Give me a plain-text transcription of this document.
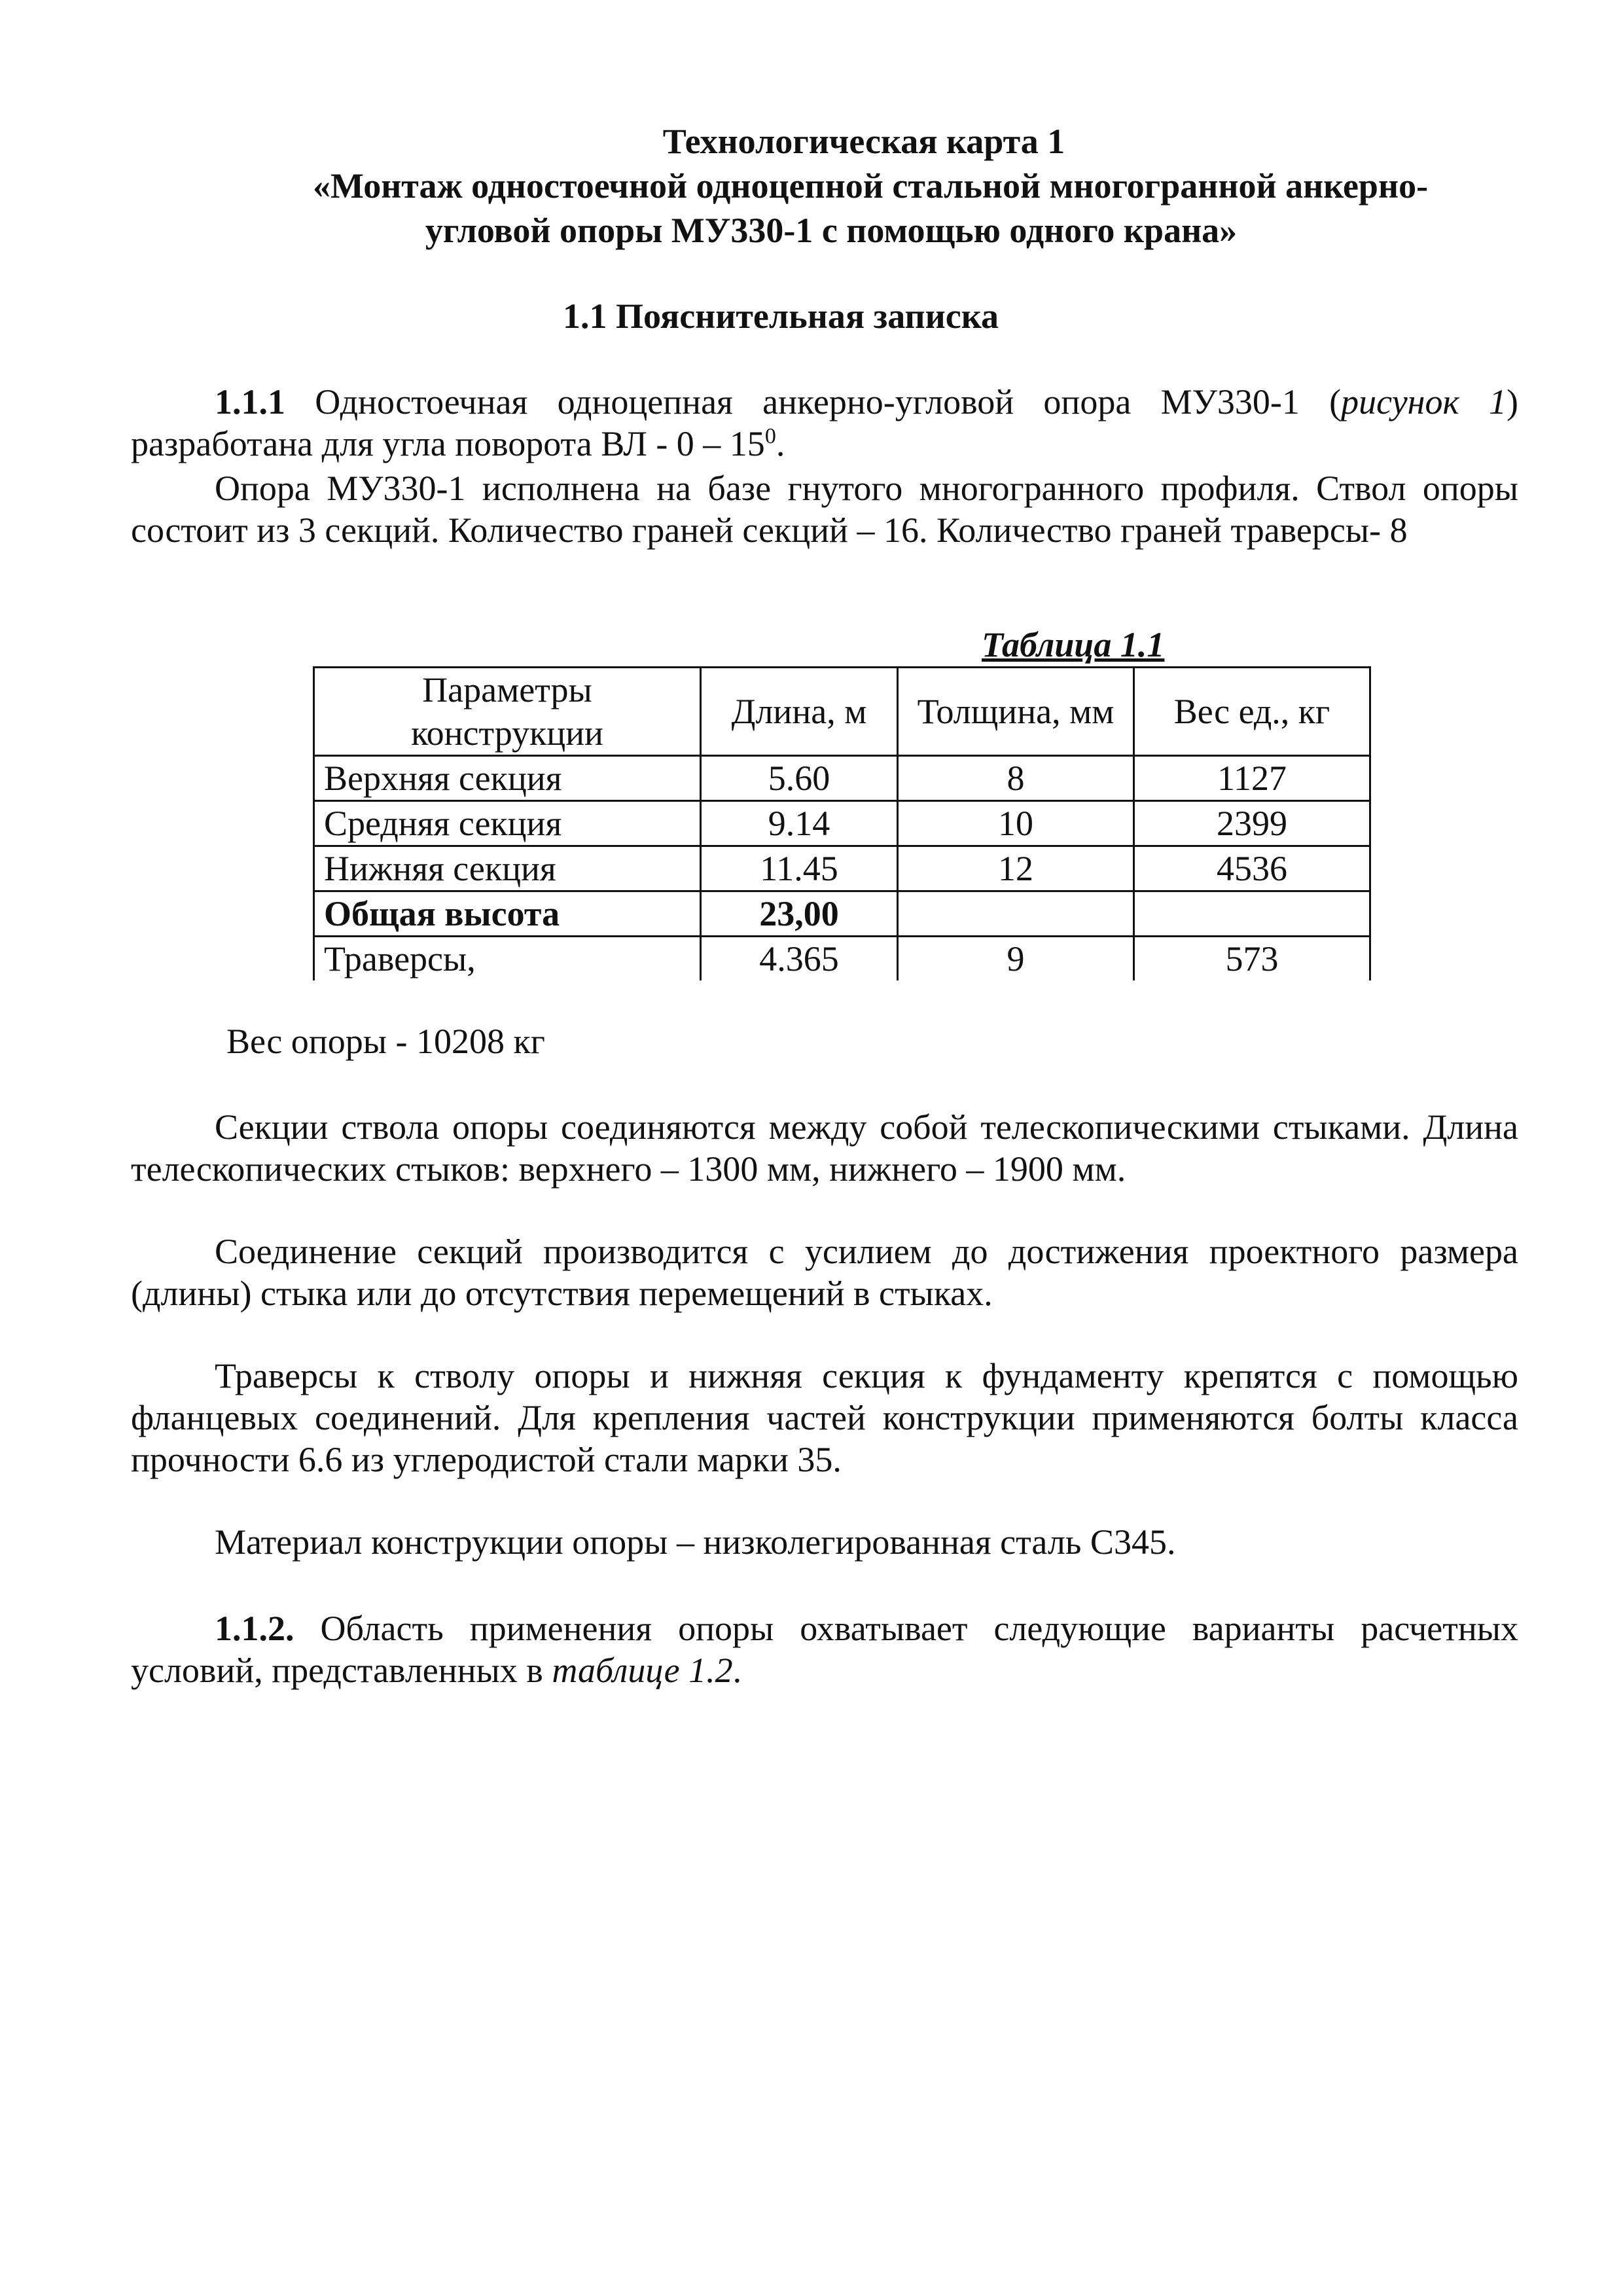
Технологическая карта 1
«Монтаж одностоечной одноцепной стальной многогранной анкерно-
угловой опоры МУ330-1 с помощью одного крана»
1.1 Пояснительная записка
1.1.1 Одностоечная одноцепная анкерно-угловой опора МУ330-1 (рисунок 1) разработана для угла поворота ВЛ - $0 - 15^0$.
Опора МУ330-1 исполнена на базе гнутого многогранного профиля. Ствол опоры состоит из 3 секций. Количество граней секций – 16. Количество граней траверсы- 8
Таблица 1.1
Параметры конструкции	Длина, м	Толщина, мм	Вес ед., кг
Верхняя секция	5.60	8	1127
Средняя секция	9.14	10	2399
Нижняя секция	11.45	12	4536
Общая высота	23,00		
Траверсы,	4.365	9	573
Вес опоры - 10208 кг
Секции ствола опоры соединяются между собой телескопическими стыками. Длина телескопических стыков: верхнего – 1300 мм, нижнего – 1900 мм.
Соединение секций производится с усилием до достижения проектного размера (длины) стыка или до отсутствия перемещений в стыках.
Траверсы к стволу опоры и нижняя секция к фундаменту крепятся с помощью фланцевых соединений. Для крепления частей конструкции применяются болты класса прочности 6.6 из углеродистой стали марки 35.
Материал конструкции опоры – низколегированная сталь С345.
1.1.2. Область применения опоры охватывает следующие варианты расчетных условий, представленных в таблице 1.2.
